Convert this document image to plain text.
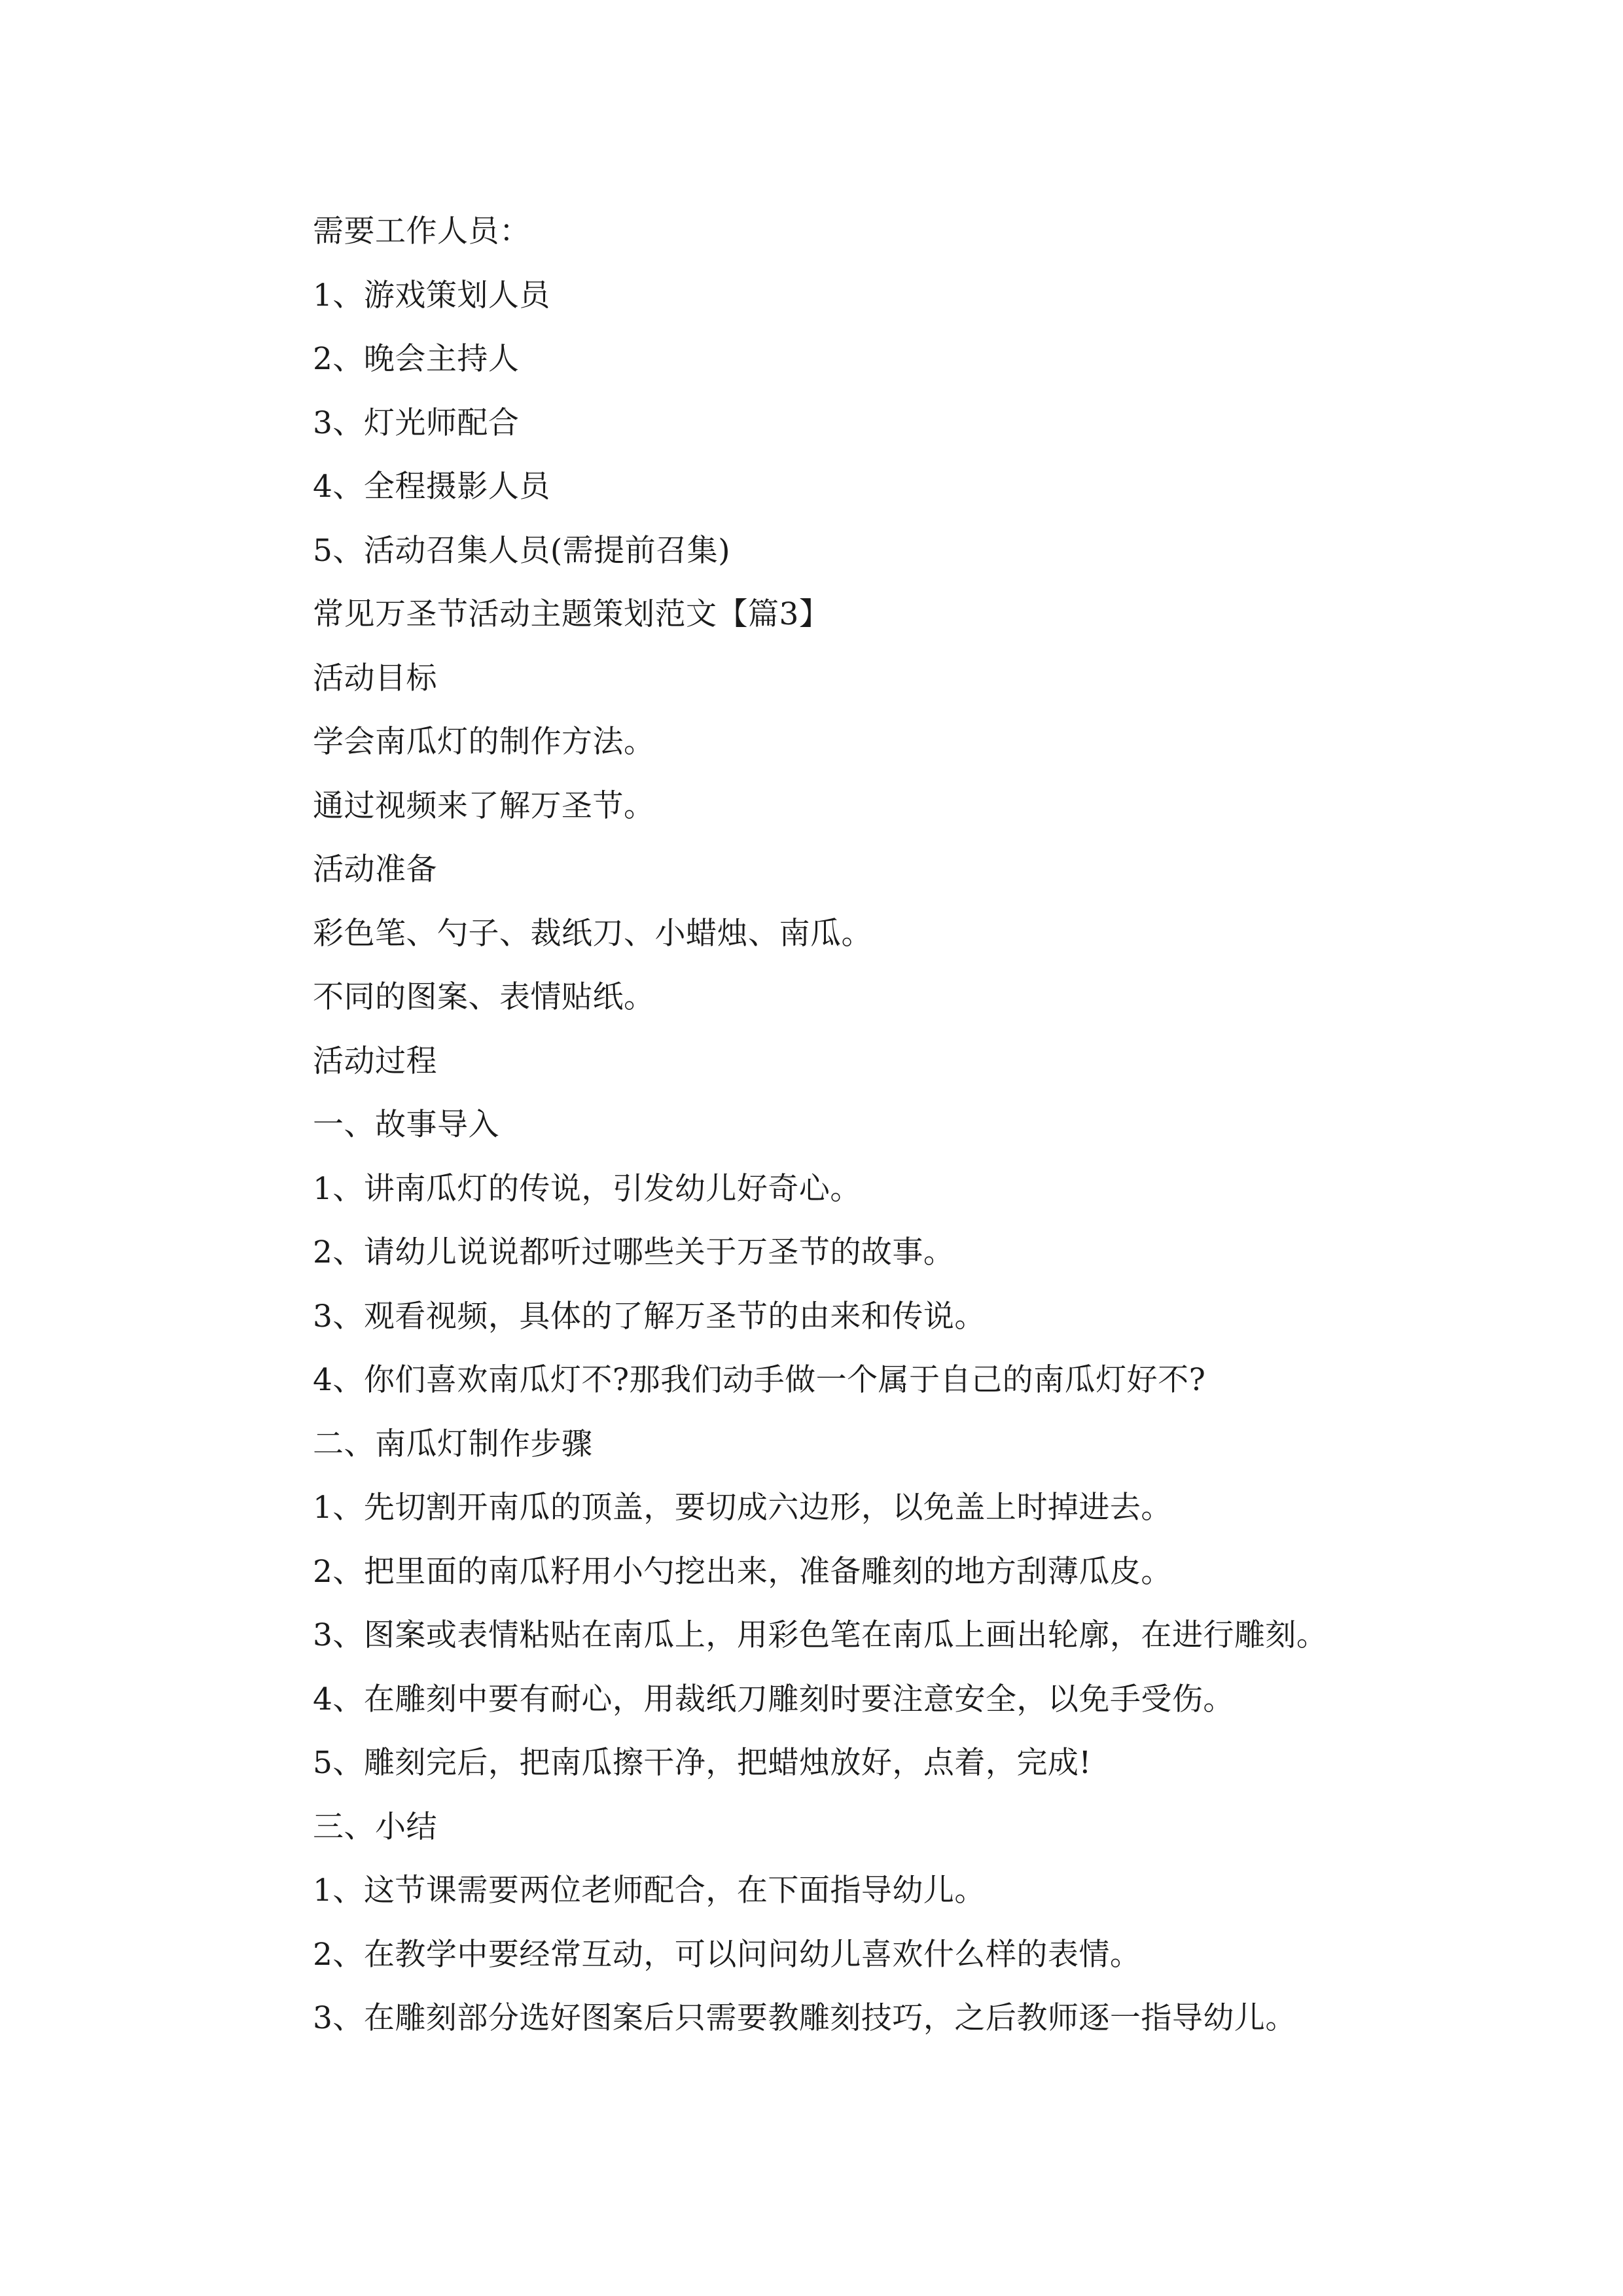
需要工作人员：

1、游戏策划人员

2、晚会主持人

3、灯光师配合

4、全程摄影人员

5、活动召集人员(需提前召集)

常见万圣节活动主题策划范文【篇3】

活动目标

学会南瓜灯的制作方法。

通过视频来了解万圣节。

活动准备

彩色笔、勺子、裁纸刀、小蜡烛、南瓜。

不同的图案、表情贴纸。

活动过程

一、故事导入

1、讲南瓜灯的传说，引发幼儿好奇心。

2、请幼儿说说都听过哪些关于万圣节的故事。

3、观看视频，具体的了解万圣节的由来和传说。

4、你们喜欢南瓜灯不?那我们动手做一个属于自己的南瓜灯好不?

二、南瓜灯制作步骤

1、先切割开南瓜的顶盖，要切成六边形，以免盖上时掉进去。

2、把里面的南瓜籽用小勺挖出来，准备雕刻的地方刮薄瓜皮。

3、图案或表情粘贴在南瓜上，用彩色笔在南瓜上画出轮廓，在进行雕刻。

4、在雕刻中要有耐心，用裁纸刀雕刻时要注意安全，以免手受伤。

5、雕刻完后，把南瓜擦干净，把蜡烛放好，点着，完成!

三、小结

1、这节课需要两位老师配合，在下面指导幼儿。

2、在教学中要经常互动，可以问问幼儿喜欢什么样的表情。

3、在雕刻部分选好图案后只需要教雕刻技巧，之后教师逐一指导幼儿。
